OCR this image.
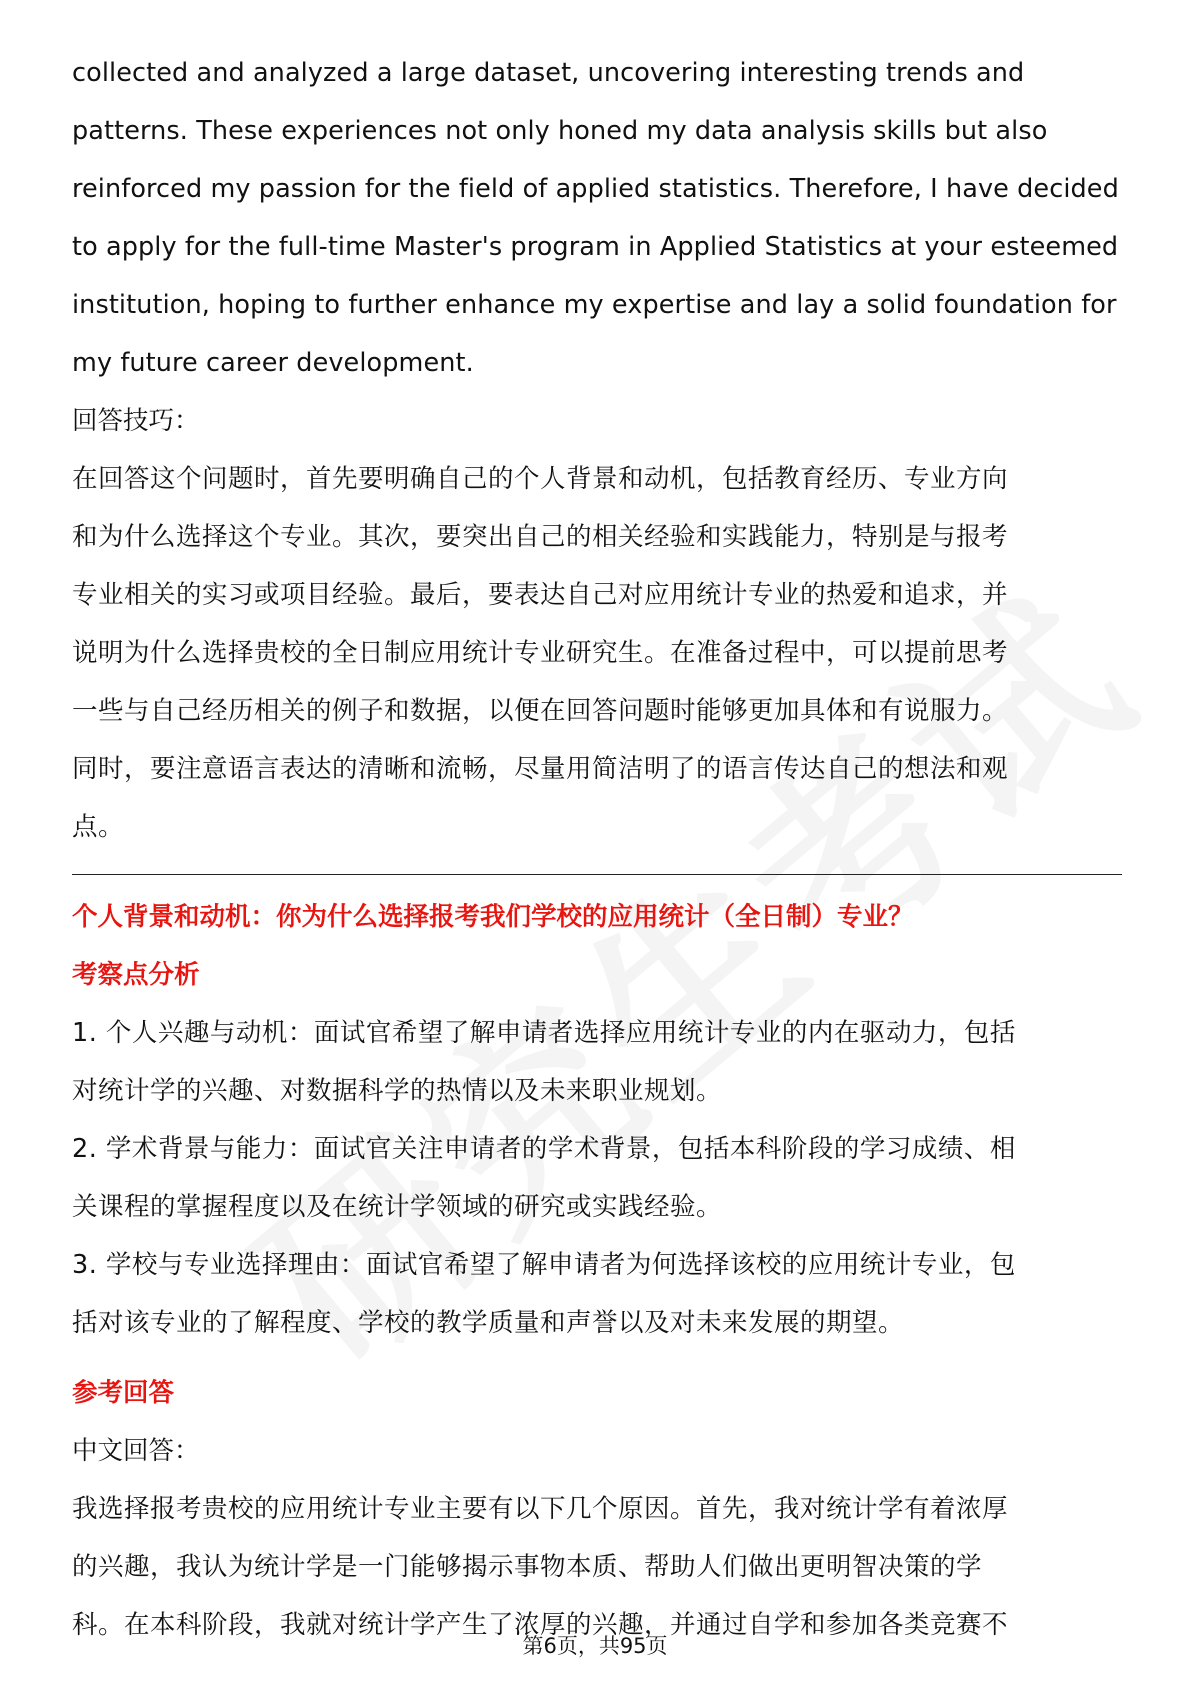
collected and analyzed a large dataset, uncovering interesting trends and
patterns. These experiences not only honed my data analysis skills but also
reinforced my passion for the field of applied statistics. Therefore, I have decided
to apply for the full-time Master's program in Applied Statistics at your esteemed
institution, hoping to further enhance my expertise and lay a solid foundation for
my future career development.
回答技巧：
在回答这个问题时，首先要明确自己的个人背景和动机，包括教育经历、专业方向
和为什么选择这个专业。其次，要突出自己的相关经验和实践能力，特别是与报考
专业相关的实习或项目经验。最后，要表达自己对应用统计专业的热爱和追求，并
说明为什么选择贵校的全日制应用统计专业研究生。在准备过程中，可以提前思考
一些与自己经历相关的例子和数据，以便在回答问题时能够更加具体和有说服力。
同时，要注意语言表达的清晰和流畅，尽量用简洁明了的语言传达自己的想法和观
点。
个人背景和动机：你为什么选择报考我们学校的应用统计（全日制）专业？
考察点分析
1. 个人兴趣与动机：面试官希望了解申请者选择应用统计专业的内在驱动力，包括
对统计学的兴趣、对数据科学的热情以及未来职业规划。
2. 学术背景与能力：面试官关注申请者的学术背景，包括本科阶段的学习成绩、相
关课程的掌握程度以及在统计学领域的研究或实践经验。
3. 学校与专业选择理由：面试官希望了解申请者为何选择该校的应用统计专业，包
括对该专业的了解程度、学校的教学质量和声誉以及对未来发展的期望。
参考回答
中文回答：
我选择报考贵校的应用统计专业主要有以下几个原因。首先，我对统计学有着浓厚
的兴趣，我认为统计学是一门能够揭示事物本质、帮助人们做出更明智决策的学
科。在本科阶段，我就对统计学产生了浓厚的兴趣，并通过自学和参加各类竞赛不
第6页，共95页
